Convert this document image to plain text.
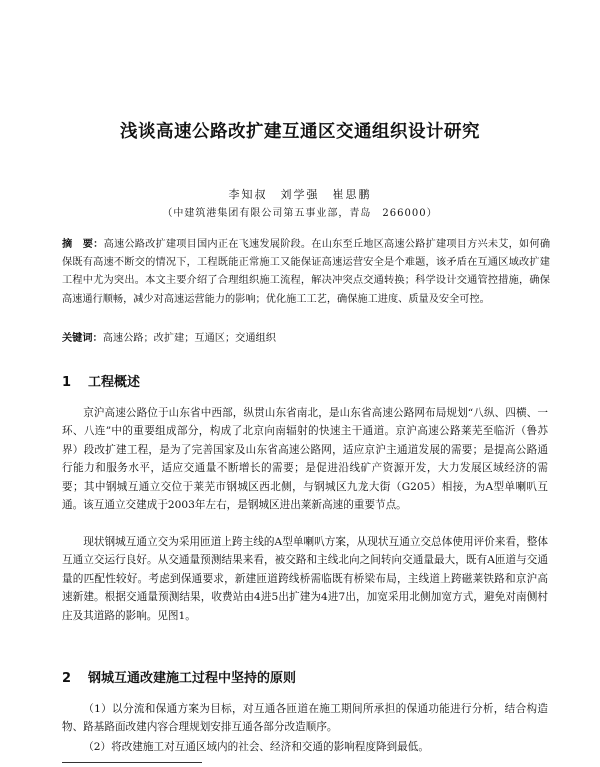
浅谈高速公路改扩建互通区交通组织设计研究
李知叔　刘学强　崔思鹏
（中建筑港集团有限公司第五事业部，青岛　266000）
摘　要：高速公路改扩建项目国内正在飞速发展阶段。在山东至丘地区高速公路扩建项目方兴未艾，如何确保既有高速不断交的情况下，工程既能正常施工又能保证高速运营安全是个难题，该矛盾在互通区域改扩建工程中尤为突出。本文主要介绍了合理组织施工流程，解决冲突点交通转换；科学设计交通管控措施，确保高速通行顺畅，减少对高速运营能力的影响；优化施工工艺，确保施工进度、质量及安全可控。
关键词：高速公路；改扩建；互通区；交通组织
1 工程概述
京沪高速公路位于山东省中西部，纵贯山东省南北，是山东省高速公路网布局规划“八纵、四横、一环、八连”中的重要组成部分，构成了北京向南辐射的快速主干通道。京沪高速公路莱芜至临沂（鲁苏界）段改扩建工程，是为了完善国家及山东省高速公路网，适应京沪主通道发展的需要；是提高公路通行能力和服务水平，适应交通量不断增长的需要；是促进沿线矿产资源开发，大力发展区域经济的需要；其中钢城互通立交位于莱芜市钢城区西北侧，与钢城区九龙大街（G205）相接，为A型单喇叭互通。该互通立交建成于2003年左右，是钢城区进出莱新高速的重要节点。
现状钢城互通立交为采用匝道上跨主线的A型单喇叭方案，从现状互通立交总体使用评价来看，整体互通立交运行良好。从交通量预测结果来看，被交路和主线北向之间转向交通量最大，既有A匝道与交通量的匹配性较好。考虑到保通要求，新建匝道跨线桥需临既有桥梁布局，主线道上跨磁莱铁路和京沪高速新建。根据交通量预测结果，收费站由4进5出扩建为4进7出，加宽采用北侧加宽方式，避免对南侧村庄及其道路的影响。见图1。
2 钢城互通改建施工过程中坚持的原则
（1）以分流和保通方案为目标，对互通各匝道在施工期间所承担的保通功能进行分析，结合构造物、路基路面改建内容合理规划安排互通各部分改造顺序。
（2）将改建施工对互通区域内的社会、经济和交通的影响程度降到最低。
